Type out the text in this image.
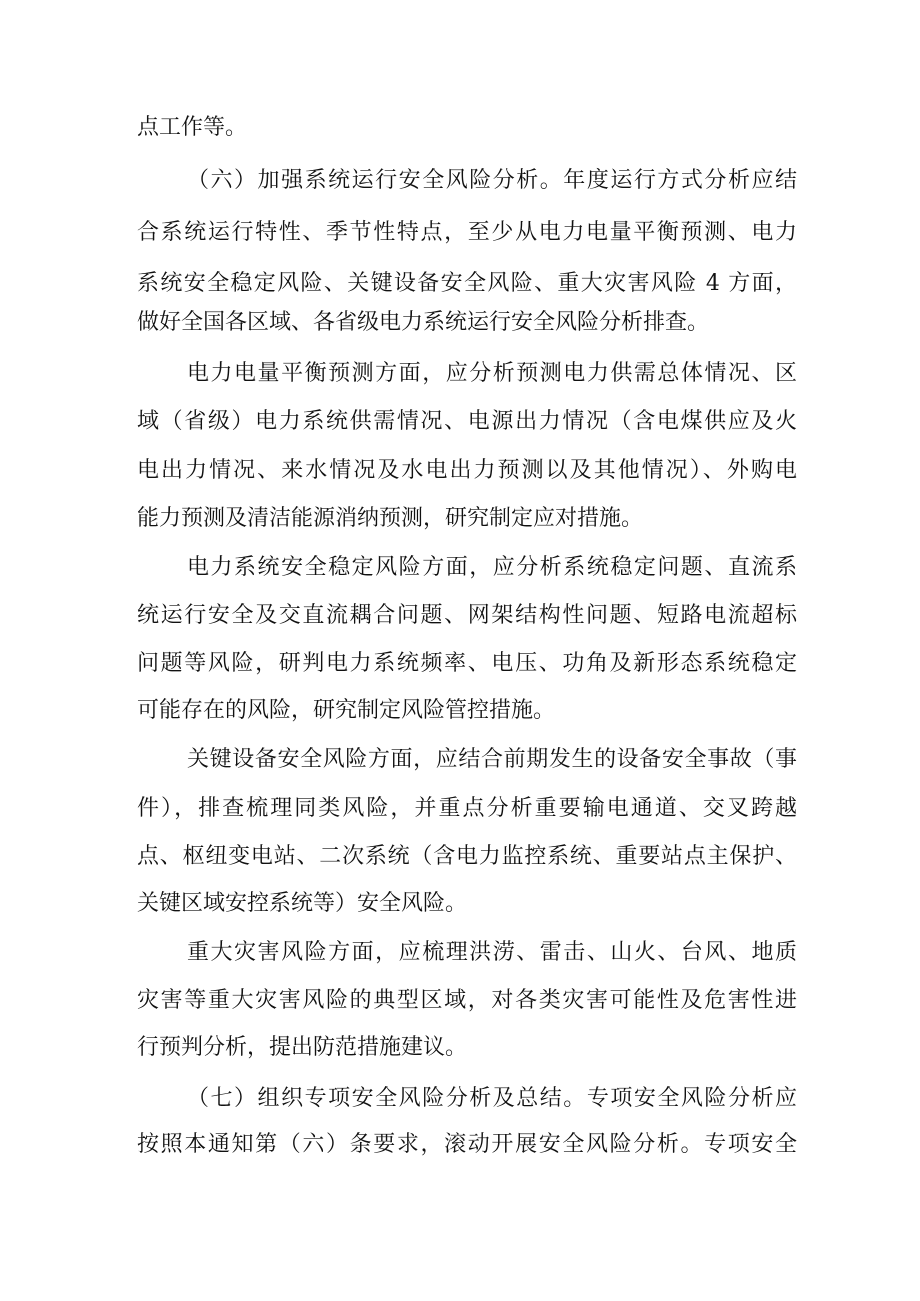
点工作等。
（六）加强系统运行安全风险分析。年度运行方式分析应结
合系统运行特性、季节性特点，至少从电力电量平衡预测、电力
系统安全稳定风险、关键设备安全风险、重大灾害风险 4 方面，
做好全国各区域、各省级电力系统运行安全风险分析排查。
电力电量平衡预测方面，应分析预测电力供需总体情况、区
域（省级）电力系统供需情况、电源出力情况（含电煤供应及火
电出力情况、来水情况及水电出力预测以及其他情况）、外购电
能力预测及清洁能源消纳预测，研究制定应对措施。
电力系统安全稳定风险方面，应分析系统稳定问题、直流系
统运行安全及交直流耦合问题、网架结构性问题、短路电流超标
问题等风险，研判电力系统频率、电压、功角及新形态系统稳定
可能存在的风险，研究制定风险管控措施。
关键设备安全风险方面，应结合前期发生的设备安全事故（事
件），排查梳理同类风险，并重点分析重要输电通道、交叉跨越
点、枢纽变电站、二次系统（含电力监控系统、重要站点主保护、
关键区域安控系统等）安全风险。
重大灾害风险方面，应梳理洪涝、雷击、山火、台风、地质
灾害等重大灾害风险的典型区域，对各类灾害可能性及危害性进
行预判分析，提出防范措施建议。
（七）组织专项安全风险分析及总结。专项安全风险分析应
按照本通知第（六）条要求，滚动开展安全风险分析。专项安全
